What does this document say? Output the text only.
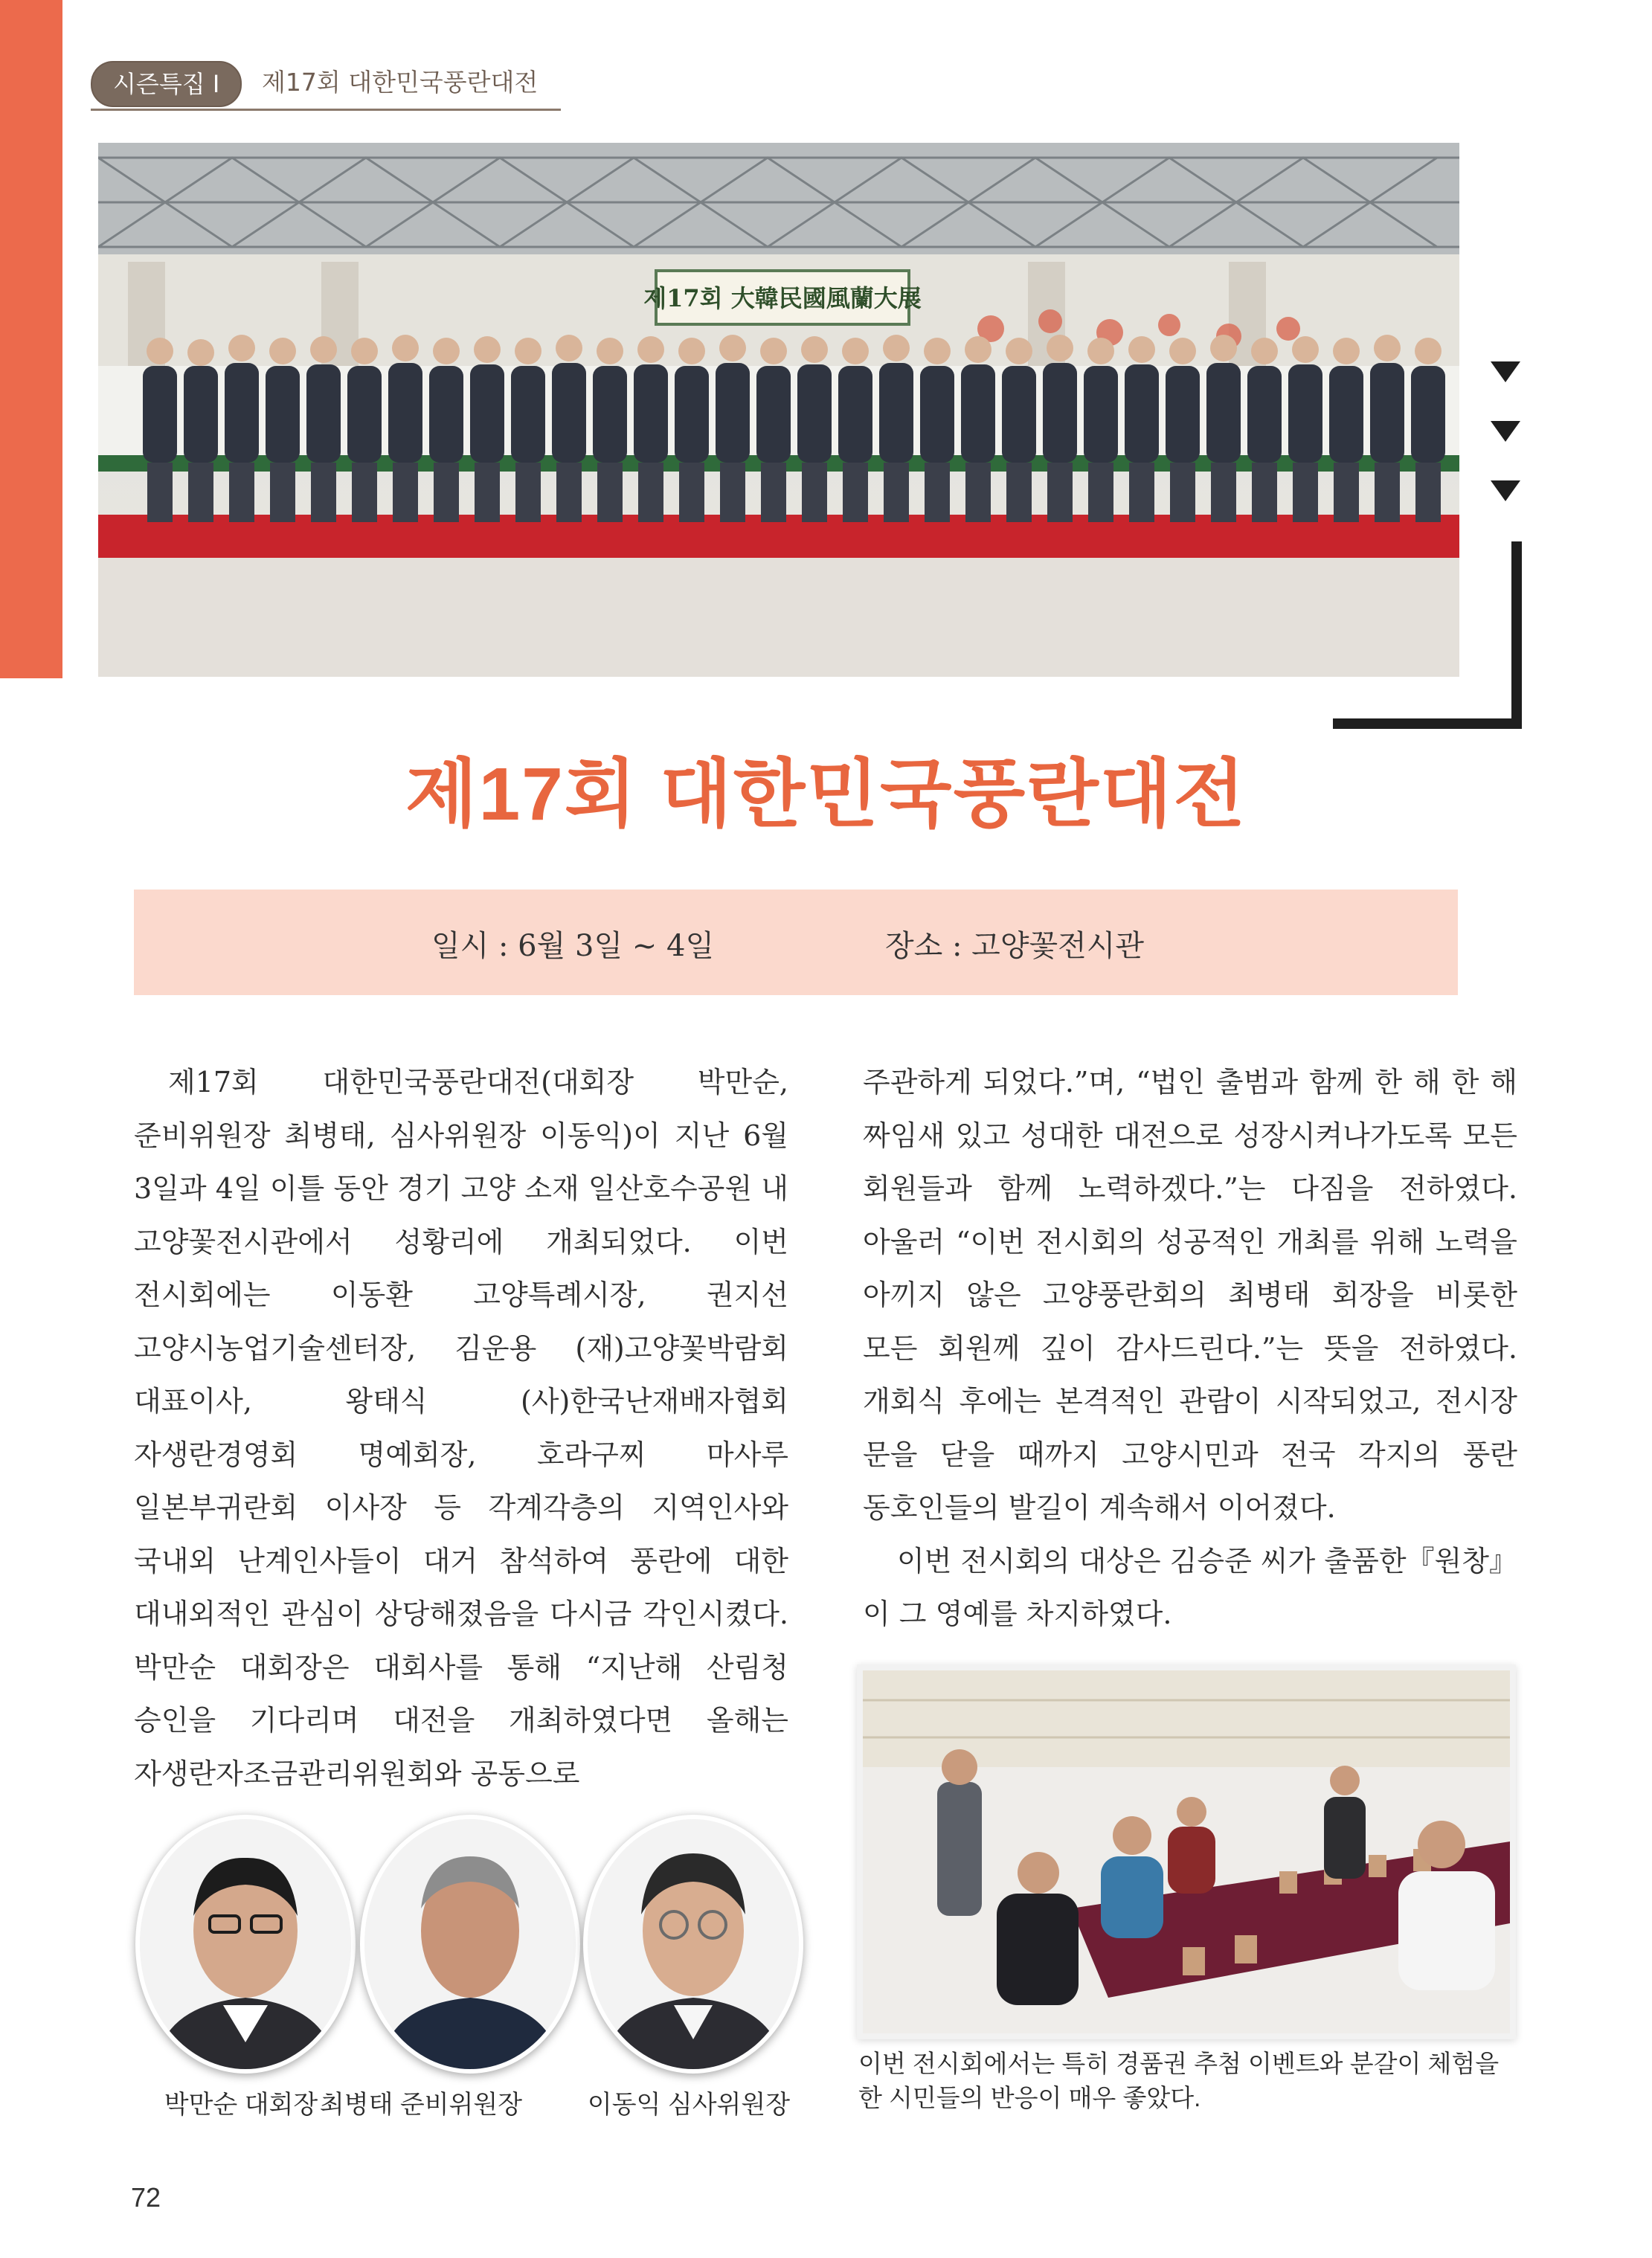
시즌특집 I	제17회 대한민국풍란대전
제17회 大韓民國風蘭大展
제17회 대한민국풍란대전
일시 : 6월 3일 ~ 4일	장소 : 고양꽃전시관

제17회 대한민국풍란대전(대회장 박만순, 준비위원장 최병태, 심사위원장 이동익)이 지난 6월 3일과 4일 이틀 동안 경기 고양 소재 일산호수공원 내 고양꽃전시관에서 성황리에 개최되었다. 이번 전시회에는 이동환 고양특례시장, 권지선 고양시농업기술센터장, 김운용 (재)고양꽃박람회 대표이사, 왕태식 (사)한국난재배자협회 자생란경영회 명예회장, 호라구찌 마사루 일본부귀란회 이사장 등 각계각층의 지역인사와 국내외 난계인사들이 대거 참석하여 풍란에 대한 대내외적인 관심이 상당해졌음을 다시금 각인시켰다. 박만순 대회장은 대회사를 통해 “지난해 산림청 승인을 기다리며 대전을 개최하였다면 올해는 자생란자조금관리위원회와 공동으로

주관하게 되었다.”며, “법인 출범과 함께 한 해 한 해 짜임새 있고 성대한 대전으로 성장시켜나가도록 모든 회원들과 함께 노력하겠다.”는 다짐을 전하였다. 아울러 “이번 전시회의 성공적인 개최를 위해 노력을 아끼지 않은 고양풍란회의 최병태 회장을 비롯한 모든 회원께 깊이 감사드린다.”는 뜻을 전하였다. 개회식 후에는 본격적인 관람이 시작되었고, 전시장 문을 닫을 때까지 고양시민과 전국 각지의 풍란 동호인들의 발길이 계속해서 이어졌다.

이번 전시회의 대상은 김승준 씨가 출품한『원창』이 그 영예를 차지하였다.

이번 전시회에서는 특히 경품권 추첨 이벤트와 분갈이 체험을 한 시민들의 반응이 매우 좋았다.
박만순 대회장 최병태 준비위원장	이동익 심사위원장
72
